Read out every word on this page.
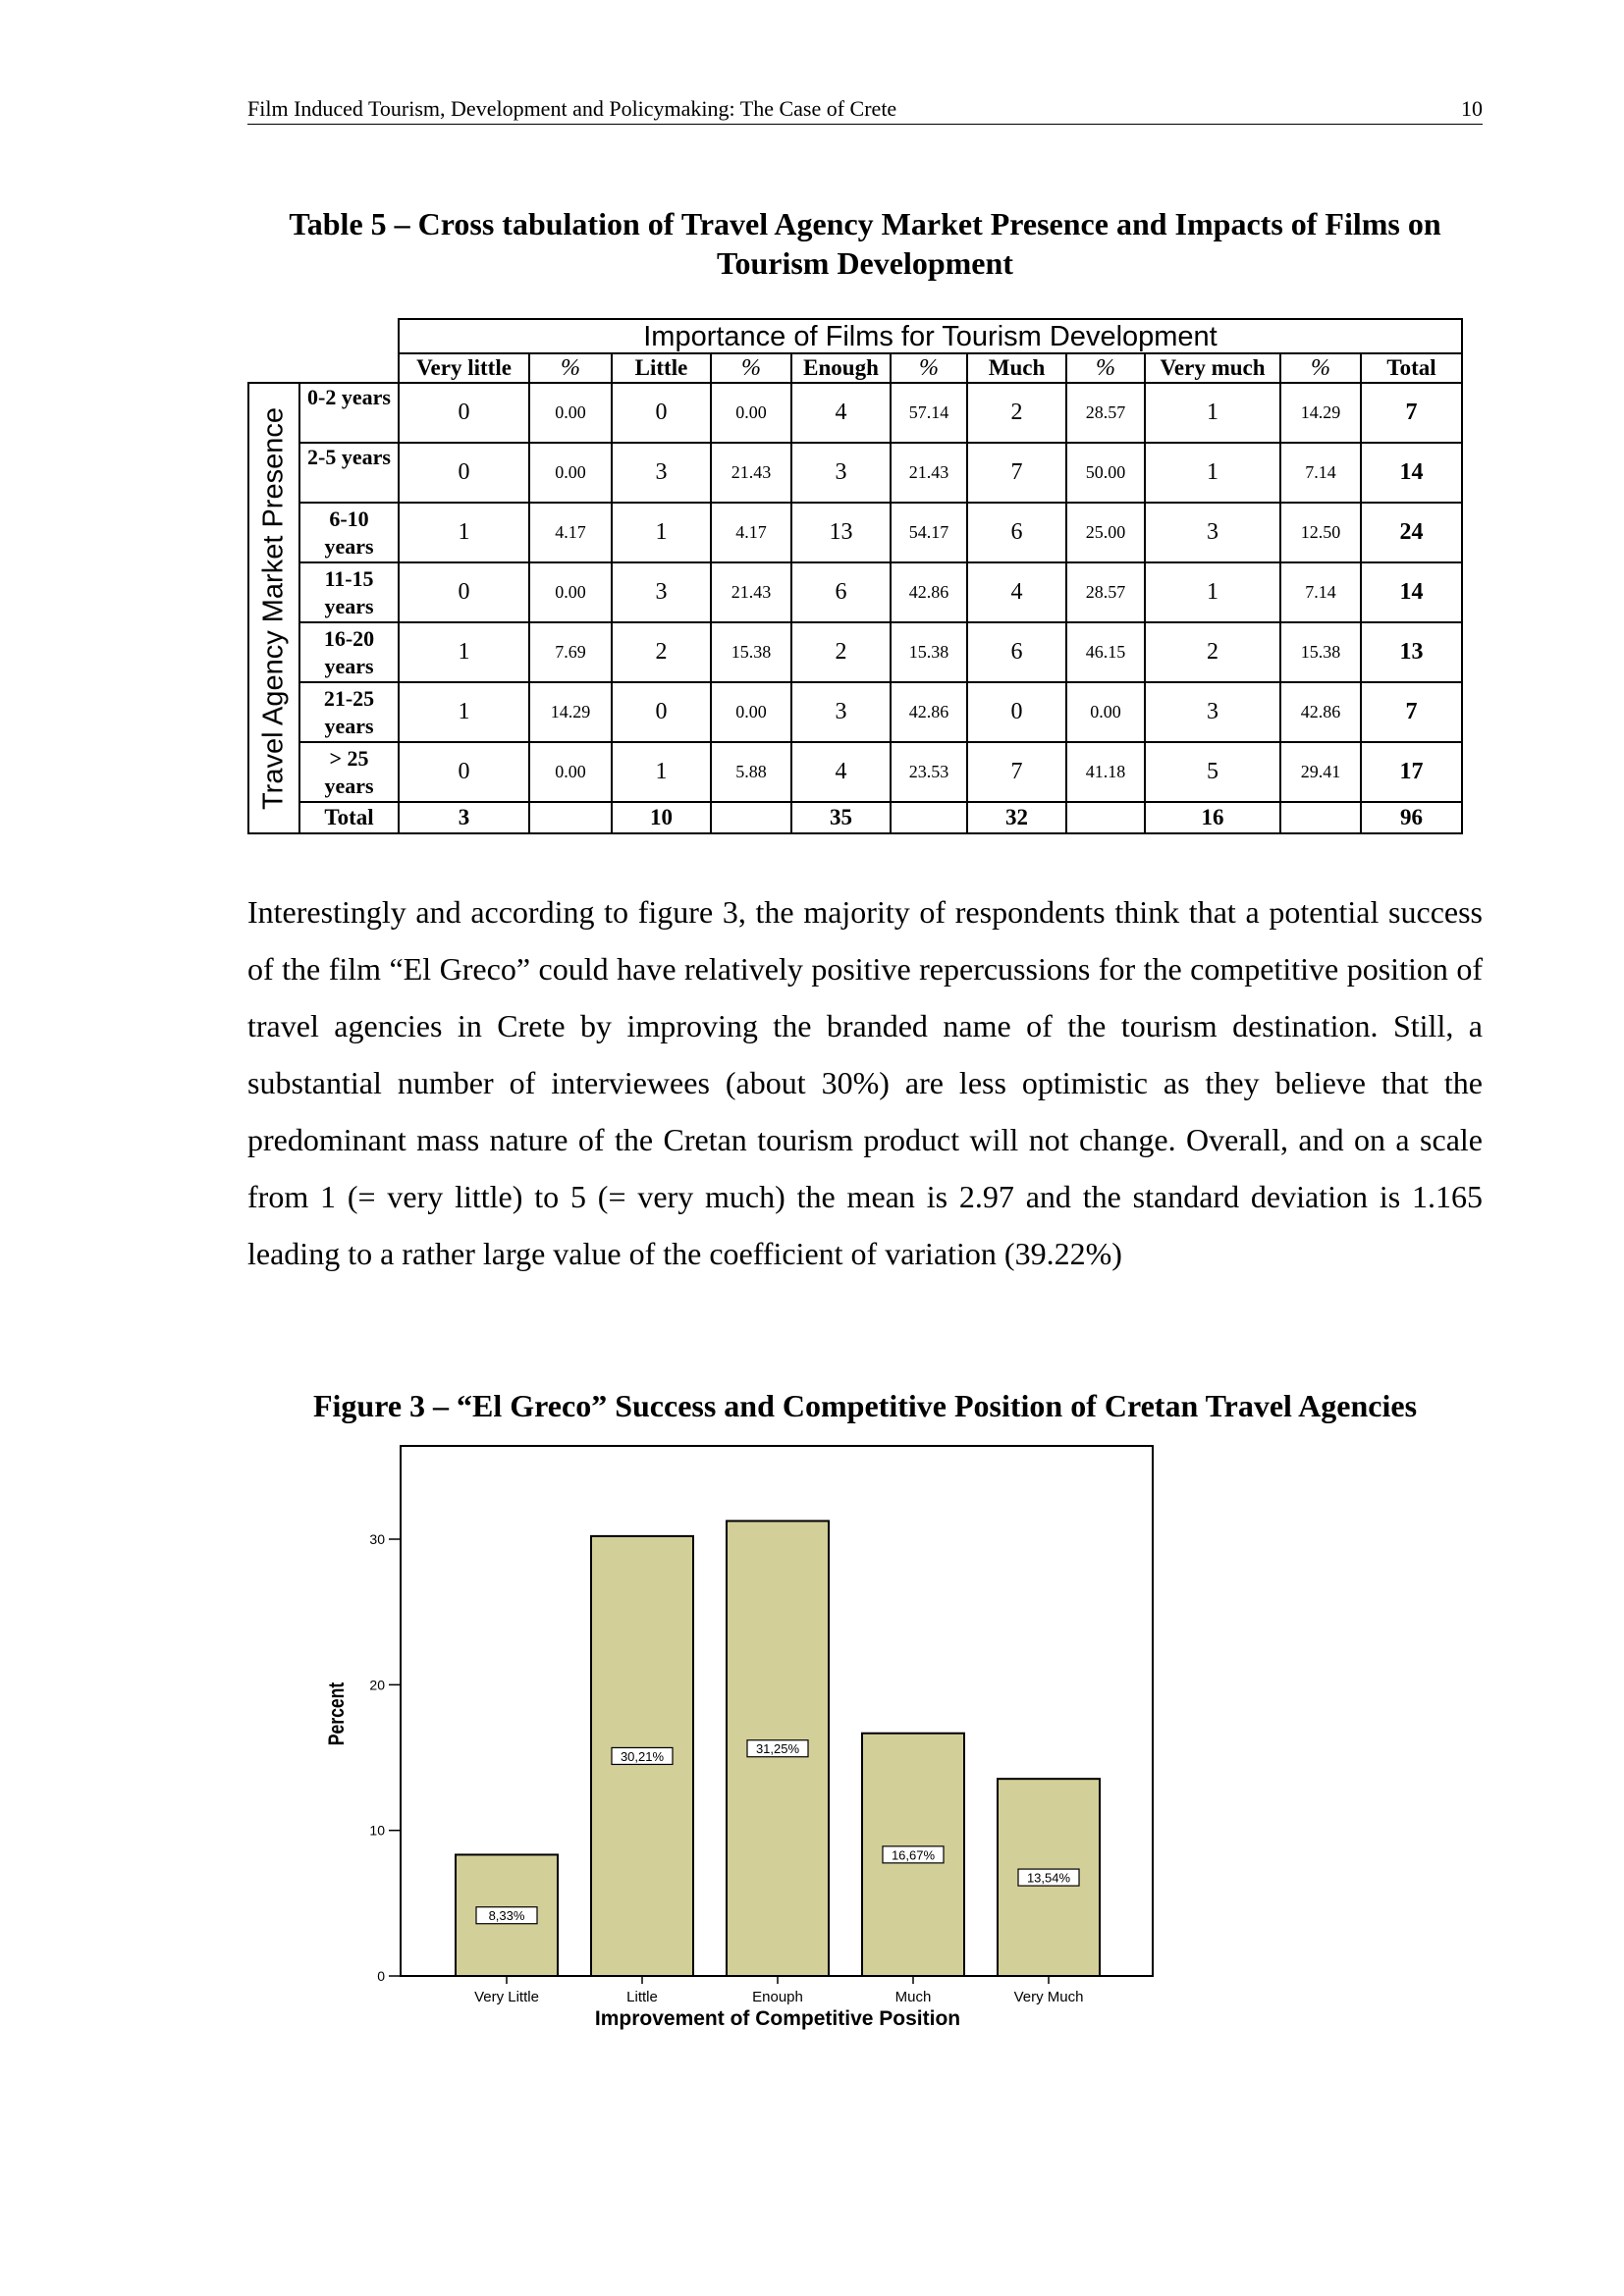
Film Induced Tourism, Development and Policymaking: The Case of Crete	10
Table 5 – Cross tabulation of Travel Agency Market Presence and Impacts of Films on
Tourism Development
		Importance of Films for Tourism Development										
		Very little	%	Little	%	Enough	%	Much	%	Very much	%	Total

Travel Agency Market Presence	0-2 years	0	0.00	0	0.00	4	57.14	2	28.57	1	14.29	7

	2-5 years	0	0.00	3	21.43	3	21.43	7	50.00	1	7.14	14

	6-10
years	1	4.17	1	4.17	13	54.17	6	25.00	3	12.50	24

	11-15
years	0	0.00	3	21.43	6	42.86	4	28.57	1	7.14	14

	16-20
years	1	7.69	2	15.38	2	15.38	6	46.15	2	15.38	13

	21-25
years	1	14.29	0	0.00	3	42.86	0	0.00	3	42.86	7

	> 25
years	0	0.00	1	5.88	4	23.53	7	41.18	5	29.41	17
	Total	3		10		35		32		16		96

Interestingly and according to figure 3, the majority of respondents think that a potential success of the film “El Greco” could have relatively positive repercussions for the competitive position of travel agencies in Crete by improving the branded name of the tourism destination. Still, a substantial number of interviewees (about 30%) are less optimistic as they believe that the predominant mass nature of the Cretan tourism product will not change. Overall, and on a scale from 1 (= very little) to 5 (= very much) the mean is 2.97 and the standard deviation is 1.165 leading to a rather large value of the coefficient of variation (39.22%)

Figure 3 – “El Greco” Success and Competitive Position of Cretan Travel Agencies
0
10
20
30
Percent
Very Little
8,33%
Little
30,21%
Enouph
31,25%
Much
16,67%
Very Much
13,54%
Improvement of Competitive Position
